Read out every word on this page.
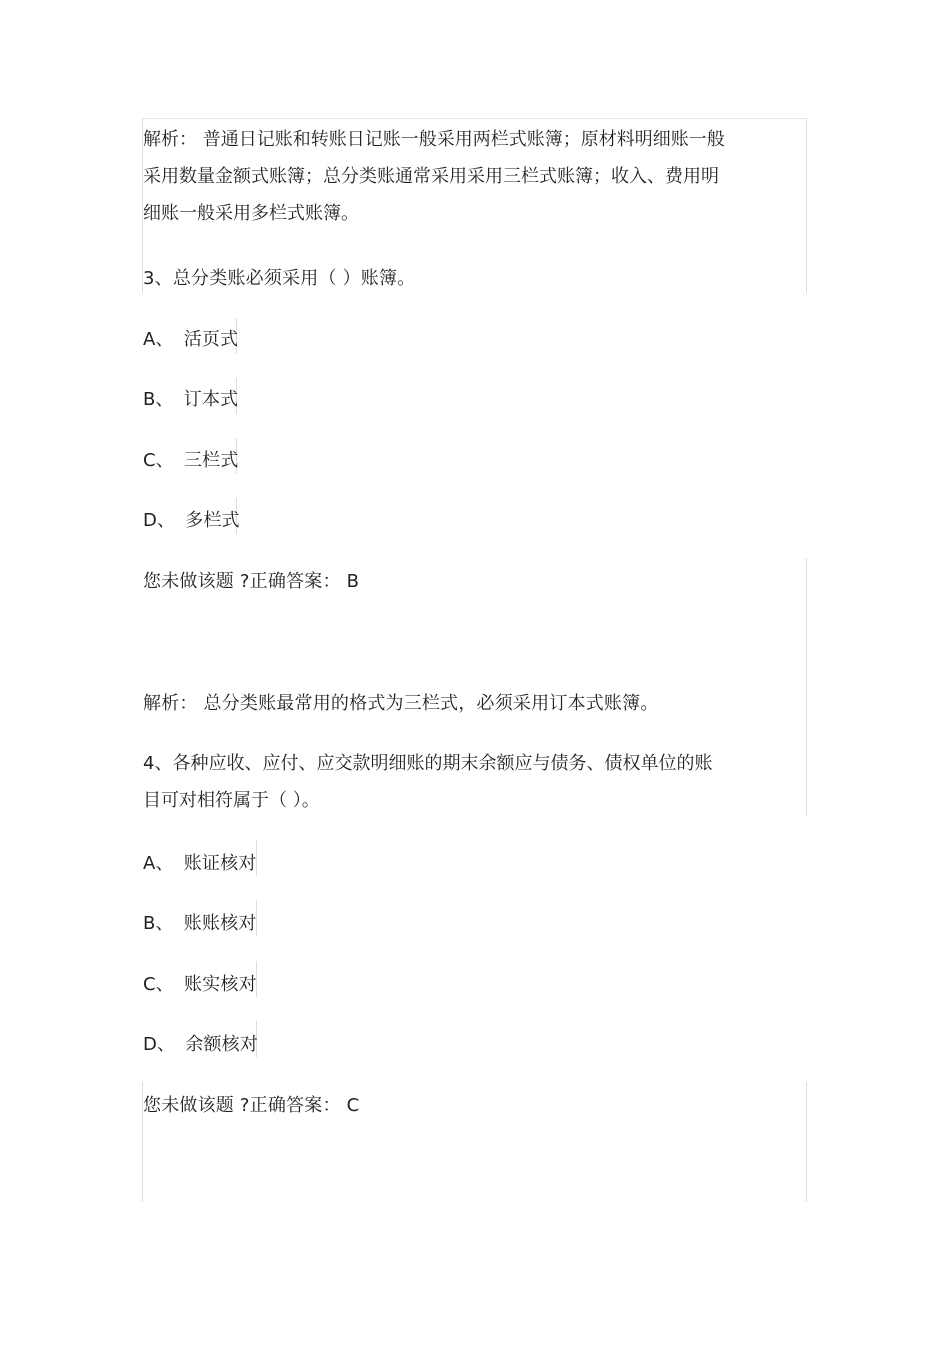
解析： 普通日记账和转账日记账一般采用两栏式账簿；原材料明细账一般
采用数量金额式账簿；总分类账通常采用采用三栏式账簿；收入、费用明
细账一般采用多栏式账簿。
3、总分类账必须采用（ ）账簿。
A、 活页式
B、 订本式
C、 三栏式
D、 多栏式
您未做该题 ?正确答案： B
解析： 总分类账最常用的格式为三栏式，必须采用订本式账簿。
4、各种应收、应付、应交款明细账的期末余额应与债务、债权单位的账
目可对相符属于（ ）。
A、 账证核对
B、 账账核对
C、 账实核对
D、 余额核对
您未做该题 ?正确答案： C
